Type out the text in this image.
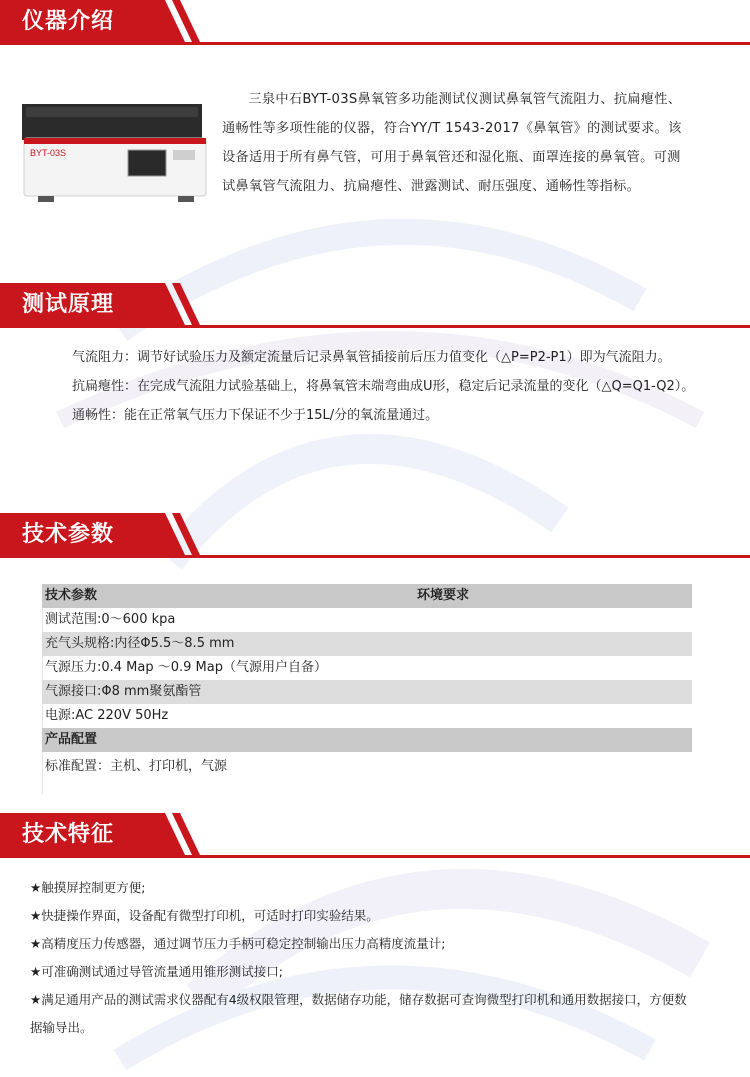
仪器介绍
BYT-03S
三泉中石BYT-03S鼻氧管多功能测试仪测试鼻氧管气流阻力、抗扁瘪性、通畅性等多项性能的仪器，符合YY/T 1543-2017《鼻氧管》的测试要求。该设备适用于所有鼻气管，可用于鼻氧管还和湿化瓶、面罩连接的鼻氧管。可测试鼻氧管气流阻力、抗扁瘪性、泄露测试、耐压强度、通畅性等指标。
测试原理
气流阻力：调节好试验压力及额定流量后记录鼻氧管插接前后压力值变化（△P=P2-P1）即为气流阻力。
抗扁瘪性：在完成气流阻力试验基础上，将鼻氧管末端弯曲成U形，稳定后记录流量的变化（△Q=Q1-Q2）。
通畅性：能在正常氧气压力下保证不少于15L/分的氧流量通过。
技术参数
技术参数	环境要求
测试范围:0～600 kpa
充气头规格:内径Φ5.5～8.5 mm
气源压力:0.4 Map ～0.9 Map（气源用户自备）
气源接口:Φ8 mm聚氨酯管
电源:AC 220V 50Hz
产品配置
标准配置：主机、打印机，气源
技术特征
★触摸屏控制更方便;
★快捷操作界面，设备配有微型打印机，可适时打印实验结果。
★高精度压力传感器，通过调节压力手柄可稳定控制输出压力高精度流量计;
★可准确测试通过导管流量通用锥形测试接口;
★满足通用产品的测试需求仪器配有4级权限管理，数据储存功能，储存数据可查询微型打印机和通用数据接口，方便数据输导出。
